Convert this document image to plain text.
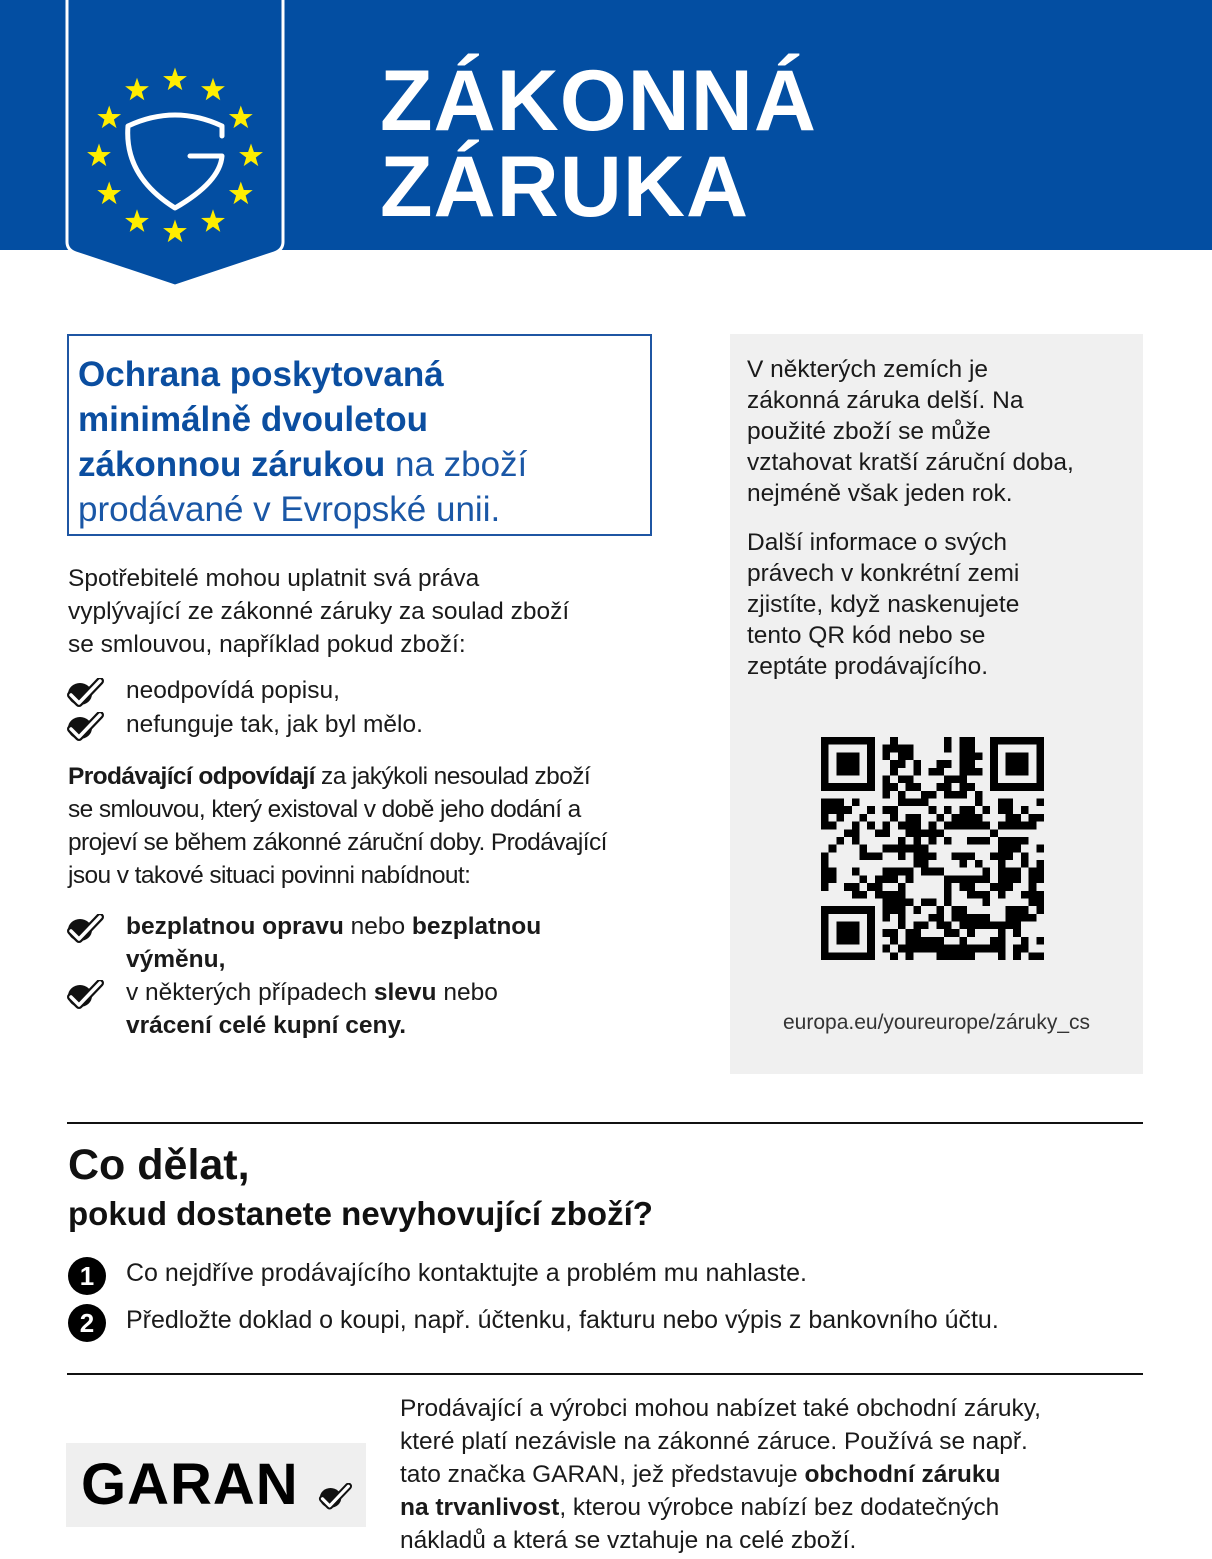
ZÁKONNÁ
ZÁRUKA
Ochrana poskytovaná
minimálně dvouletou
zákonnou zárukou na zboží
prodávané v Evropské unii.
Spotřebitelé mohou uplatnit svá práva
vyplývající ze zákonné záruky za soulad zboží
se smlouvou, například pokud zboží:
neodpovídá popisu,
nefunguje tak, jak byl mělo.
Prodávající odpovídají za jakýkoli nesoulad zboží
se smlouvou, který existoval v době jeho dodání a
projeví se během zákonné záruční doby. Prodávající
jsou v takové situaci povinni nabídnout:
bezplatnou opravu nebo bezplatnou
výměnu,
v některých případech slevu nebo
vrácení celé kupní ceny.
V některých zemích je
zákonná záruka delší. Na
použité zboží se může
vztahovat kratší záruční doba,
nejméně však jeden rok.
Další informace o svých
právech v konkrétní zemi
zjistíte, když naskenujete
tento QR kód nebo se
zeptáte prodávajícího.
europa.eu/youreurope/záruky_cs
Co dělat,
pokud dostanete nevyhovující zboží?
1	Co nejdříve prodávajícího kontaktujte a problém mu nahlaste.
2	Předložte doklad o koupi, např. účtenku, fakturu nebo výpis z bankovního účtu.
GARAN
Prodávající a výrobci mohou nabízet také obchodní záruky,
které platí nezávisle na zákonné záruce. Používá se např.
tato značka GARAN, jež představuje obchodní záruku
na trvanlivost, kterou výrobce nabízí bez dodatečných
nákladů a která se vztahuje na celé zboží.
